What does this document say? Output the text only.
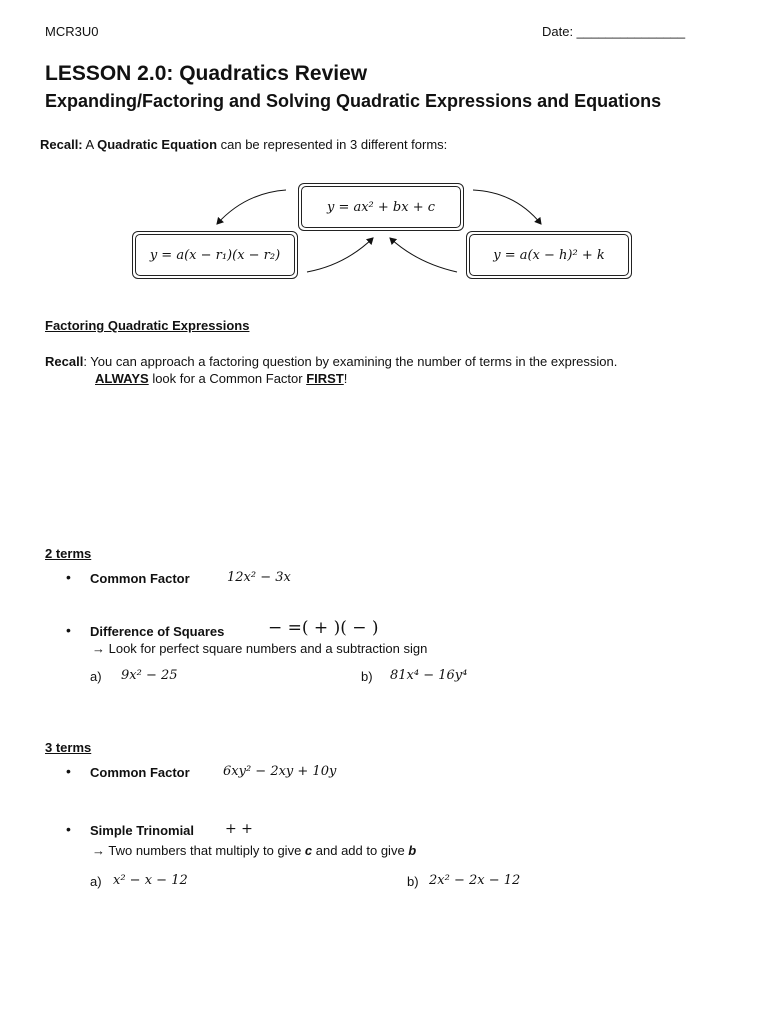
MCR3U0	Date: _______________
LESSON 2.0: Quadratics Review
Expanding/Factoring and Solving Quadratic Expressions and Equations
Recall: A Quadratic Equation can be represented in 3 different forms:
y = ax² + bx + c
y = a(x − r₁)(x − r₂)	y = a(x − h)² + k
Factoring Quadratic Expressions
Recall: You can approach a factoring question by examining the number of terms in the expression.
ALWAYS look for a Common Factor FIRST!
2 terms
• Common Factor	12x² − 3x
• Difference of Squares	− =( + )( − )
→ Look for perfect square numbers and a subtraction sign
a) 9x² − 25	b) 81x⁴ − 16y⁴
3 terms
• Common Factor	6xy² − 2xy + 10y
• Simple Trinomial + +
→ Two numbers that multiply to give c and add to give b
a) x² − x − 12	b) 2x² − 2x − 12
